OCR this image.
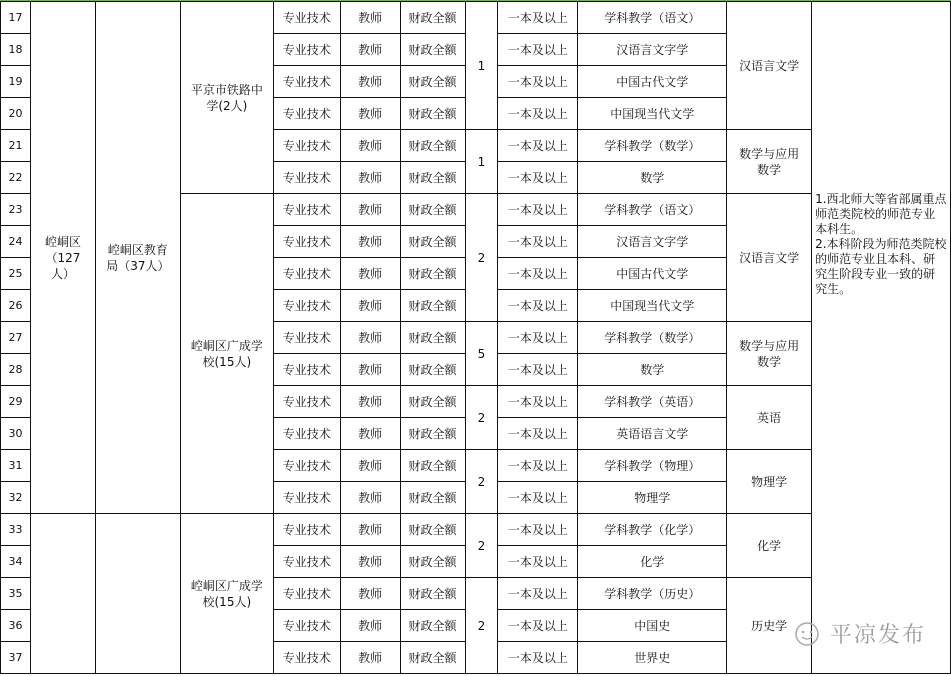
17	崆峒区（127人）	崆峒区教育局（37人）	平京市铁路中学(2人)	专业技术	教师	财政全额	1	一本及以上	学科教学（语文）	汉语言文学	1.西北师大等省部属重点师范类院校的师范专业本科生。
2.本科阶段为师范类院校的师范专业且本科、研究生阶段专业一致的研究生。

18				专业技术	教师	财政全额		一本及以上	汉语言文字学		
19				专业技术	教师	财政全额		一本及以上	中国古代文学		
20				专业技术	教师	财政全额		一本及以上	中国现当代文学		
21				专业技术	教师	财政全额	1	一本及以上	学科教学（数学）	数学与应用数学	
22				专业技术	教师	财政全额		一本及以上	数学		
23			崆峒区广成学校(15人)	专业技术	教师	财政全额	2	一本及以上	学科教学（语文）	汉语言文学	
24				专业技术	教师	财政全额		一本及以上	汉语言文字学		
25				专业技术	教师	财政全额		一本及以上	中国古代文学		
26				专业技术	教师	财政全额		一本及以上	中国现当代文学		
27				专业技术	教师	财政全额	5	一本及以上	学科教学（数学）	数学与应用数学	
28				专业技术	教师	财政全额		一本及以上	数学		
29				专业技术	教师	财政全额	2	一本及以上	学科教学（英语）	英语	
30				专业技术	教师	财政全额		一本及以上	英语语言文学		
31				专业技术	教师	财政全额	2	一本及以上	学科教学（物理）	物理学	
32				专业技术	教师	财政全额		一本及以上	物理学		
33			崆峒区广成学校(15人)	专业技术	教师	财政全额	2	一本及以上	学科教学（化学）	化学	
34				专业技术	教师	财政全额		一本及以上	化学		
35				专业技术	教师	财政全额	2	一本及以上	学科教学（历史）	历史学	
36				专业技术	教师	财政全额		一本及以上	中国史		
37				专业技术	教师	财政全额		一本及以上	世界史		
平凉发布
